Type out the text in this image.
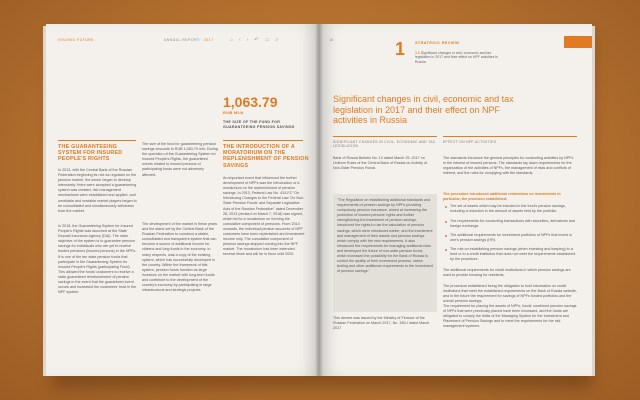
ISSUING FUTURE	ANNUAL REPORT · 2017	⌂ ‹ › ↶ ▭ ⌕
1,063.79
RUB MLN
THE SIZE OF THE FUND FOR GUARANTEEING PENSION SAVINGS
THE GUARANTEEING SYSTEM FOR INSURED PEOPLE'S RIGHTS
In 2013, with the Central Bank of the Russian Federation beginning its role as regulator on the pension market, the sector began to develop intensively: there were accepted a guaranteeing system was created, risk management mechanisms were established and applied, and unreliable and unstable market players began to be consolidated and simultaneously withdrawn from the market.
In 2015, the Guaranteeing System for Insured People's Rights was launched at the State Deposit Insurance Agency (DIA). The main objective of the system is to guarantee pension savings for individuals who are yet to receive funded pensions (insured persons) in the NPFs. It is one of the ten state pension funds that participate in the Guaranteeing System for Insured People's Rights (participating Fund). This allowed the funds' customers to receive a state guaranteed reimbursement of pension savings in the event that the guaranteed event occurs and increased the customers' trust in the NPF system.
The size of the fund for guaranteeing pension savings amounts to RUB 1,063.79 mln. During the operation of the Guaranteeing System for Insured People's Rights, the guaranteed events related to insured persons of participating funds were not adversely affected.
The development of the market in these years and the stand set by the Central Bank of the Russian Federation to construct a stable, consolidated and transparent system that can become a source of additional income for citizens and long funds in the economy. In many respects, was a copy of the existing system, which has successfully developed in the country. Within the framework of this system, pension funds function as large investors on the market with long-term funds and contribute to the development of the country's economy by participating in large infrastructural and strategic projects.
THE INTRODUCTION OF A MORATORIUM ON THE REPLENISHMENT OF PENSION SAVINGS
An important event that influenced the further development of NPFs was the introduction of a moratorium on the replenishment of pension savings. In 2013, Federal Law No. 410-FZ "On Introducing Changes to the Federal Law 'On Non-State Pension Funds' and Separate Legislative Acts of the Russian Federation" dated December 28, 2013 (revised on March 7, 2018) was signed, which led to a moratorium on forming the cumulative component of pensions. From 2014 onwards, the individual pension accounts of NPF customers have been replenished and investment income only. The cumulative component of pension savings stopped coming into the NPF market. The moratorium has been extended several times and will be in force until 2020.
16	1	STRATEGIC REVIEW
1.1 Significant changes in civil, economic and tax legislation in 2017 and their effect on NPF activities in Russia
Significant changes in civil, economic and tax legislation in 2017 and their effect on NPF activities in Russia
SIGNIFICANT CHANGES IN CIVIL, ECONOMIC AND TAX LEGISLATION
EFFECT ON NPF ACTIVITIES
Bank of Russia Bulletin No. 10 dated March 29, 2017 on Uniform Rules of the Central Bank of Russia on Activity of Non-State Pension Funds
"The Regulation on establishing additional standards and requirements of pension savings by NPFs providing compulsory pension insurance, aimed at increasing the protection of insured persons' rights and further strengthening the investment of pension savings, introduced the rights to use the calculation of pension savings, which were introduced earlier, and the investment and management of their assets and pension savings which comply with the new requirements. It also introduced the requirements for managing additional risks and developed the future of non-state pension funds, which increased the possibility for the Bank of Russia to control the quality of their investment process, stress testing and other additional requirements to the investment of pension savings."
This decree was issued by the Ministry of Finance of the Russian Federation on March 2017, No. 389-I dated March 2017
The standards introduce the general principles for conducting activities by NPFs in the interest of insured persons. The standards lay down requirements for the organization of the activities of NPFs, the management of risks and conflicts of interest, and the rules for complying with the standards.
The procedure introduced additional restrictions on investments in particular, the provision established:
The set of assets which may be included in the fund's pension savings, including a reduction in the amount of assets held by the portfolio.
The requirements for conducting transactions with securities, derivatives and foreign exchange.
The additional requirements for investment portfolios of NPFs that invest in one's pension savings (HR).
The rule on establishing pension savings (when investing and keeping) to a fund or to a credit institution that does not meet the requirements established by the procedure.
The additional requirements for credit institutions in which pension savings are used to provide housing for residents.
The procedure established being the obligation to hold information on credit institutions that meet the established requirements on the Bank of Russia website, and in the future the requirement for savings of NPFs funded portfolios and the overall pension savings.
The requirement for placing the assets of NPFs, funds' combined pension savings of NPFs that were previously placed have been increased, and the funds are obligated to comply the limits of the Managing System for the Investment and Placement of Pension Savings and to meet the requirements for the risk management systems.
